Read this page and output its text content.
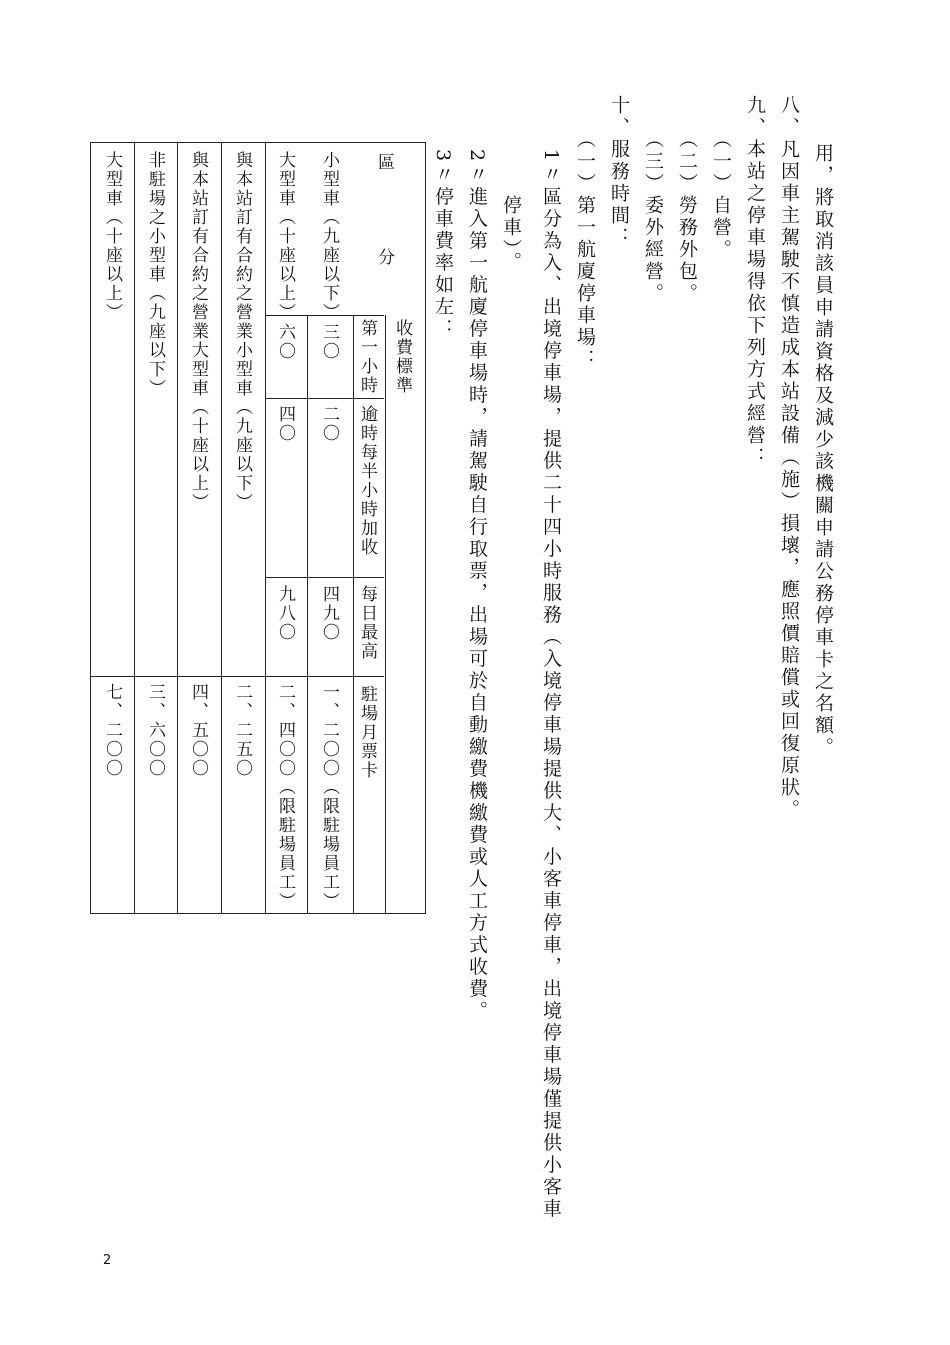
用，將取消該員申請資格及減少該機關申請公務停車卡之名額。

八、凡因車主駕駛不慎造成本站設備（施）損壞，應照價賠償或回復原狀。

九、本站之停車場得依下列方式經營：

（一）自營。

（二）勞務外包。

（三）委外經營。

十、服務時間：

（一）第一航廈停車場：

1〃區分為入、出境停車場，提供二十四小時服務（入境停車場提供大、小客車停車，出境停車場僅提供小客車

停車）。

2〃進入第一航廈停車場時，請駕駛自行取票，出場可於自動繳費機繳費或人工方式收費。

3〃停車費率如左：

區　　　　分
收費標準
第一小時
逾時每半小時加收
每日最高
駐場月票卡
小型車（九座以下）
三〇
二〇
四九〇
一、二〇〇（限駐場員工）
大型車（十座以上）
六〇
四〇
九八〇
二、四〇〇（限駐場員工）
與本站訂有合約之營業小型車（九座以下）
二、二五〇
與本站訂有合約之營業大型車（十座以上）
四、五〇〇
非駐場之小型車（九座以下）
三、六〇〇
大型車（十座以上）
七、二〇〇
2
